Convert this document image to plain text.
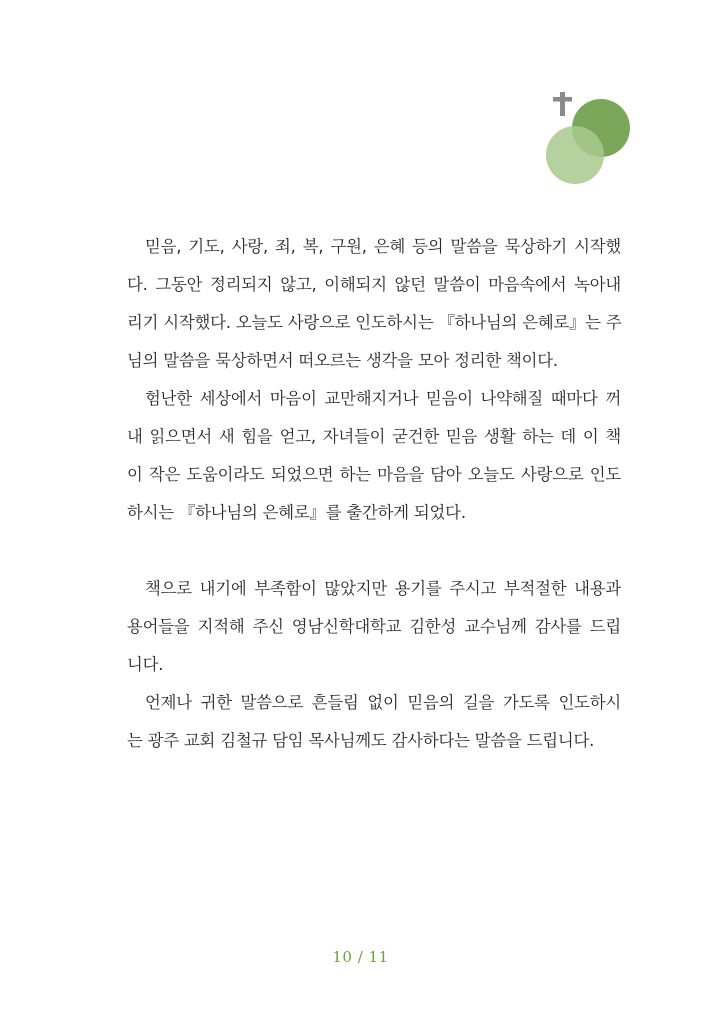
믿음, 기도, 사랑, 죄, 복, 구원, 은혜 등의 말씀을 묵상하기 시작했
다. 그동안 정리되지 않고, 이해되지 않던 말씀이 마음속에서 녹아내
리기 시작했다. 오늘도 사랑으로 인도하시는 『하나님의 은혜로』는 주
님의 말씀을 묵상하면서 떠오르는 생각을 모아 정리한 책이다.
험난한 세상에서 마음이 교만해지거나 믿음이 나약해질 때마다 꺼
내 읽으면서 새 힘을 얻고, 자녀들이 굳건한 믿음 생활 하는 데 이 책
이 작은 도움이라도 되었으면 하는 마음을 담아 오늘도 사랑으로 인도
하시는 『하나님의 은혜로』를 출간하게 되었다.
책으로 내기에 부족함이 많았지만 용기를 주시고 부적절한 내용과
용어들을 지적해 주신 영남신학대학교 김한성 교수님께 감사를 드립
니다.
언제나 귀한 말씀으로 흔들림 없이 믿음의 길을 가도록 인도하시
는 광주 교회 김철규 담임 목사님께도 감사하다는 말씀을 드립니다.
10 / 11
